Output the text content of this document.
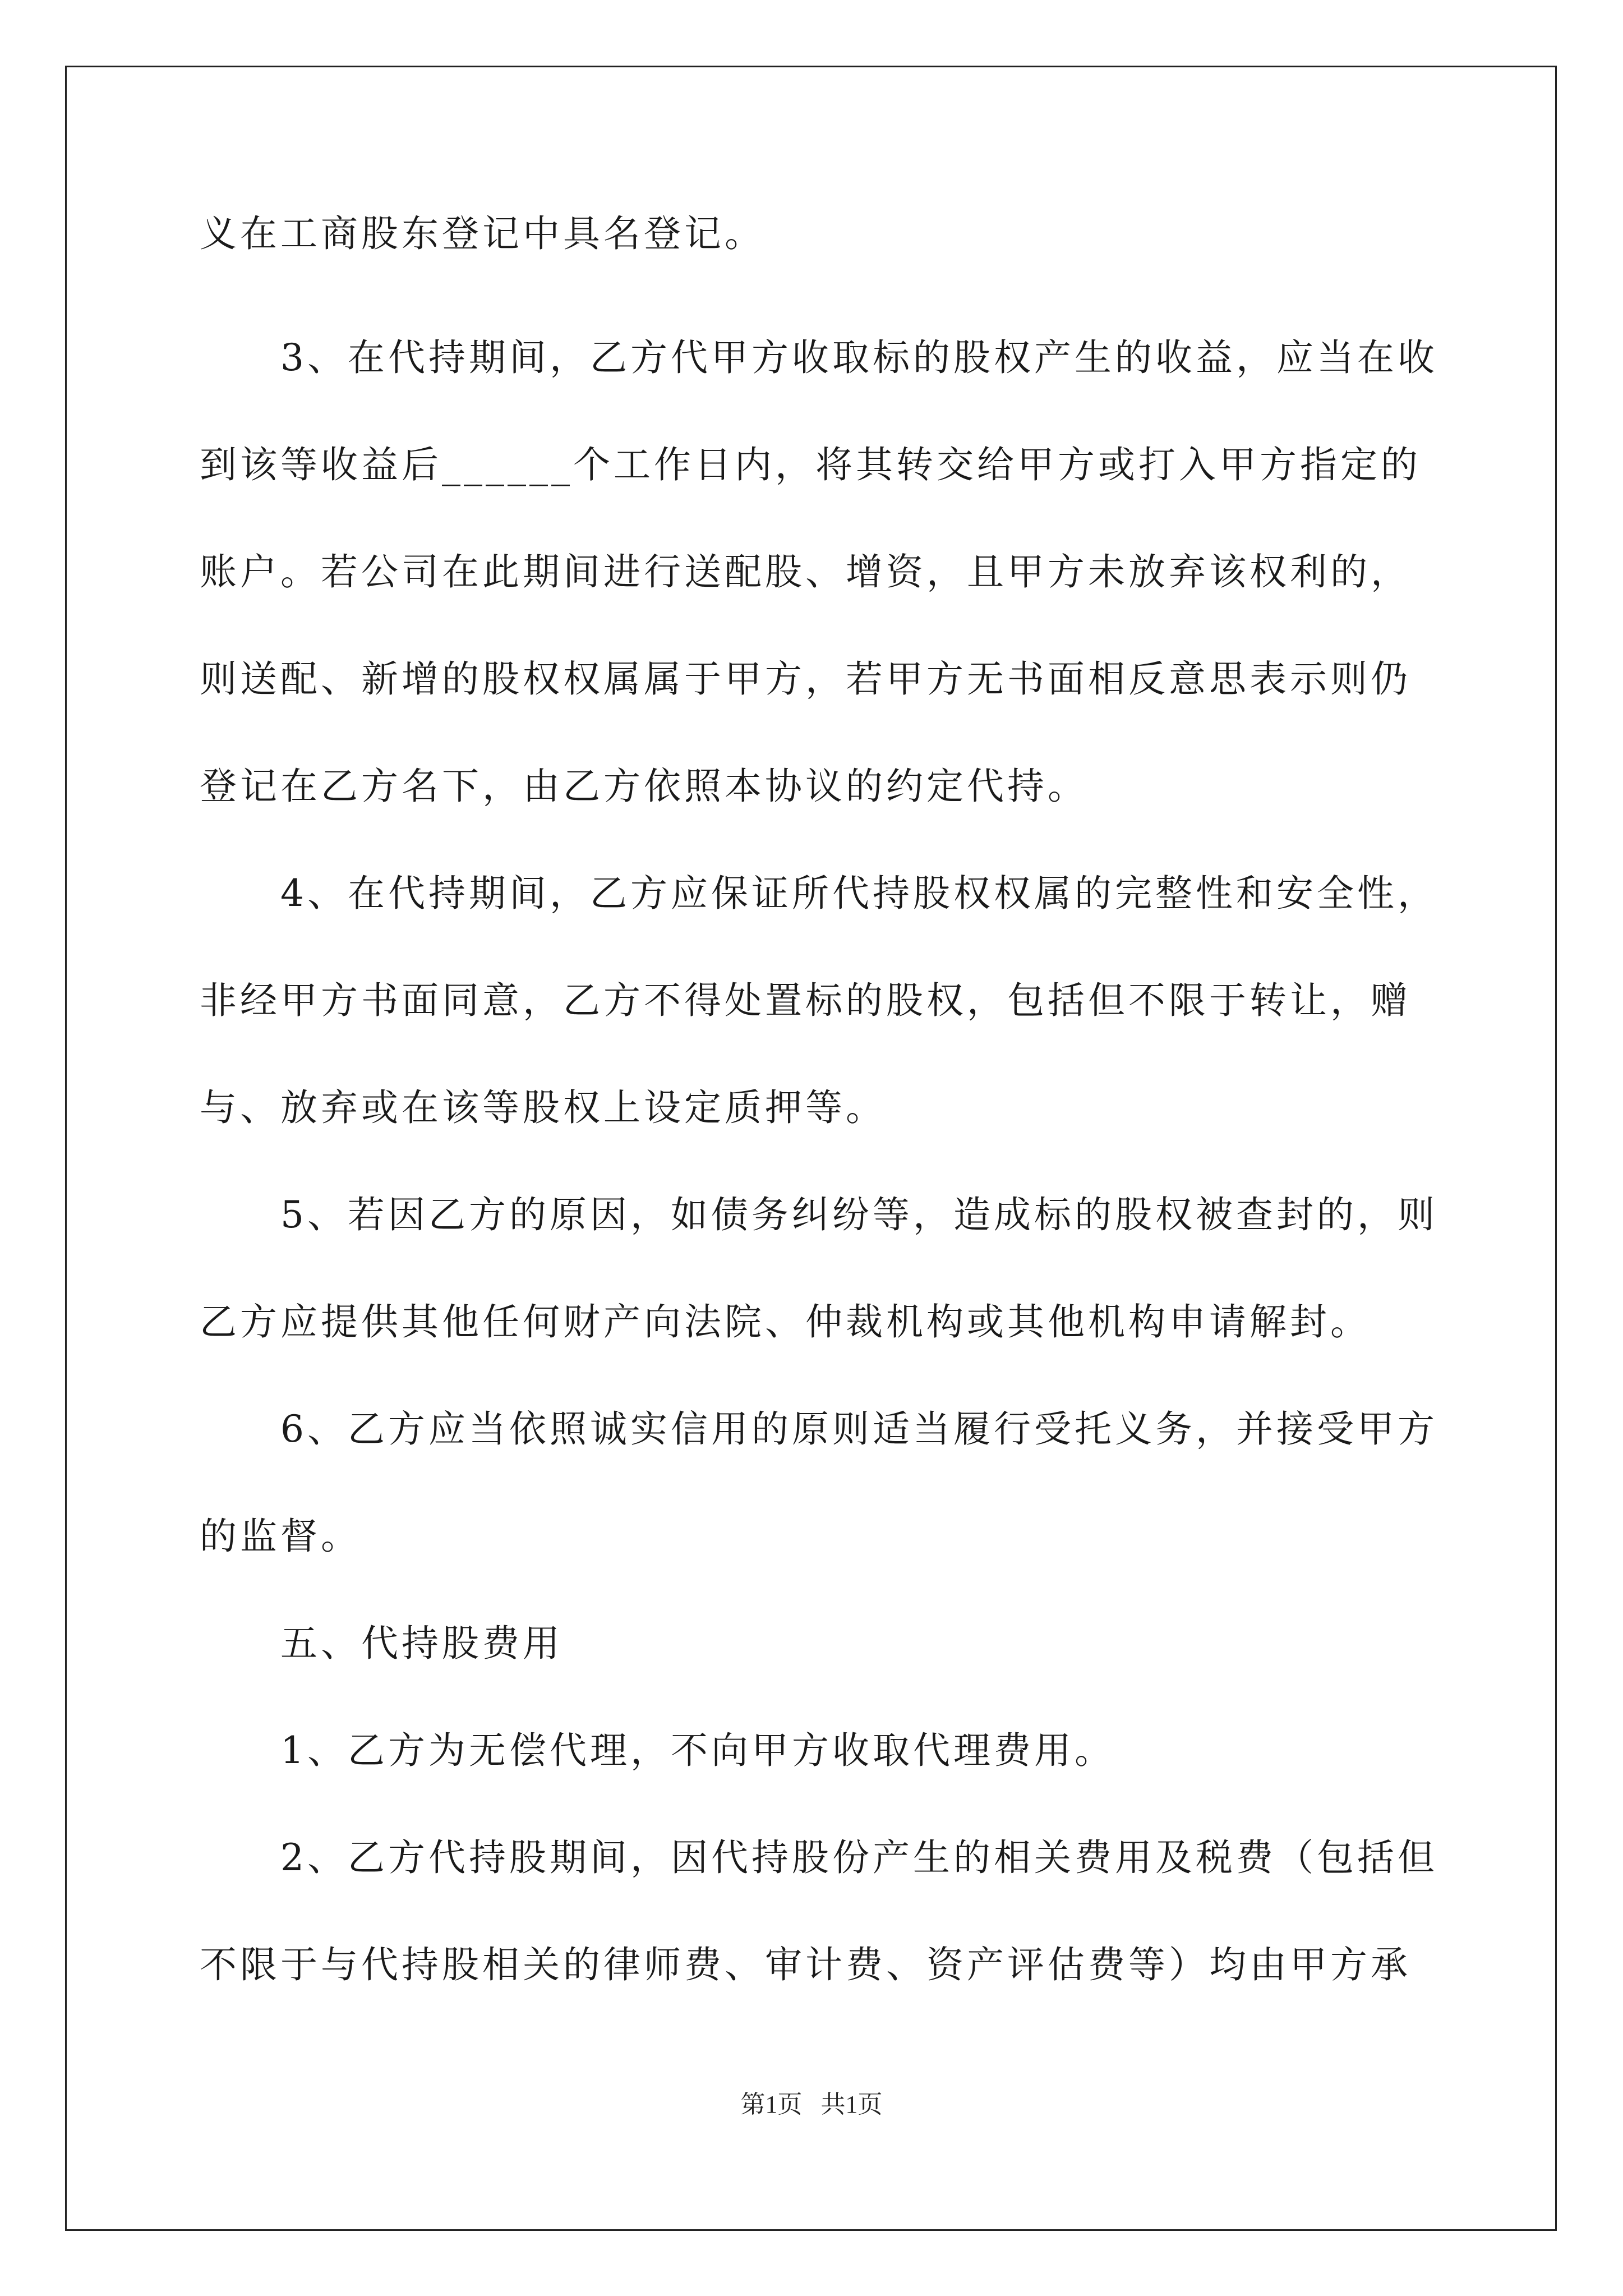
义在工商股东登记中具名登记。
3、在代持期间，乙方代甲方收取标的股权产生的收益，应当在收
到该等收益后______个工作日内，将其转交给甲方或打入甲方指定的
账户。若公司在此期间进行送配股、增资，且甲方未放弃该权利的，
则送配、新增的股权权属属于甲方，若甲方无书面相反意思表示则仍
登记在乙方名下，由乙方依照本协议的约定代持。
4、在代持期间，乙方应保证所代持股权权属的完整性和安全性，
非经甲方书面同意，乙方不得处置标的股权，包括但不限于转让，赠
与、放弃或在该等股权上设定质押等。
5、若因乙方的原因，如债务纠纷等，造成标的股权被查封的，则
乙方应提供其他任何财产向法院、仲裁机构或其他机构申请解封。
6、乙方应当依照诚实信用的原则适当履行受托义务，并接受甲方
的监督。
五、代持股费用
1、乙方为无偿代理，不向甲方收取代理费用。
2、乙方代持股期间，因代持股份产生的相关费用及税费（包括但
不限于与代持股相关的律师费、审计费、资产评估费等）均由甲方承
第1页   共1页
